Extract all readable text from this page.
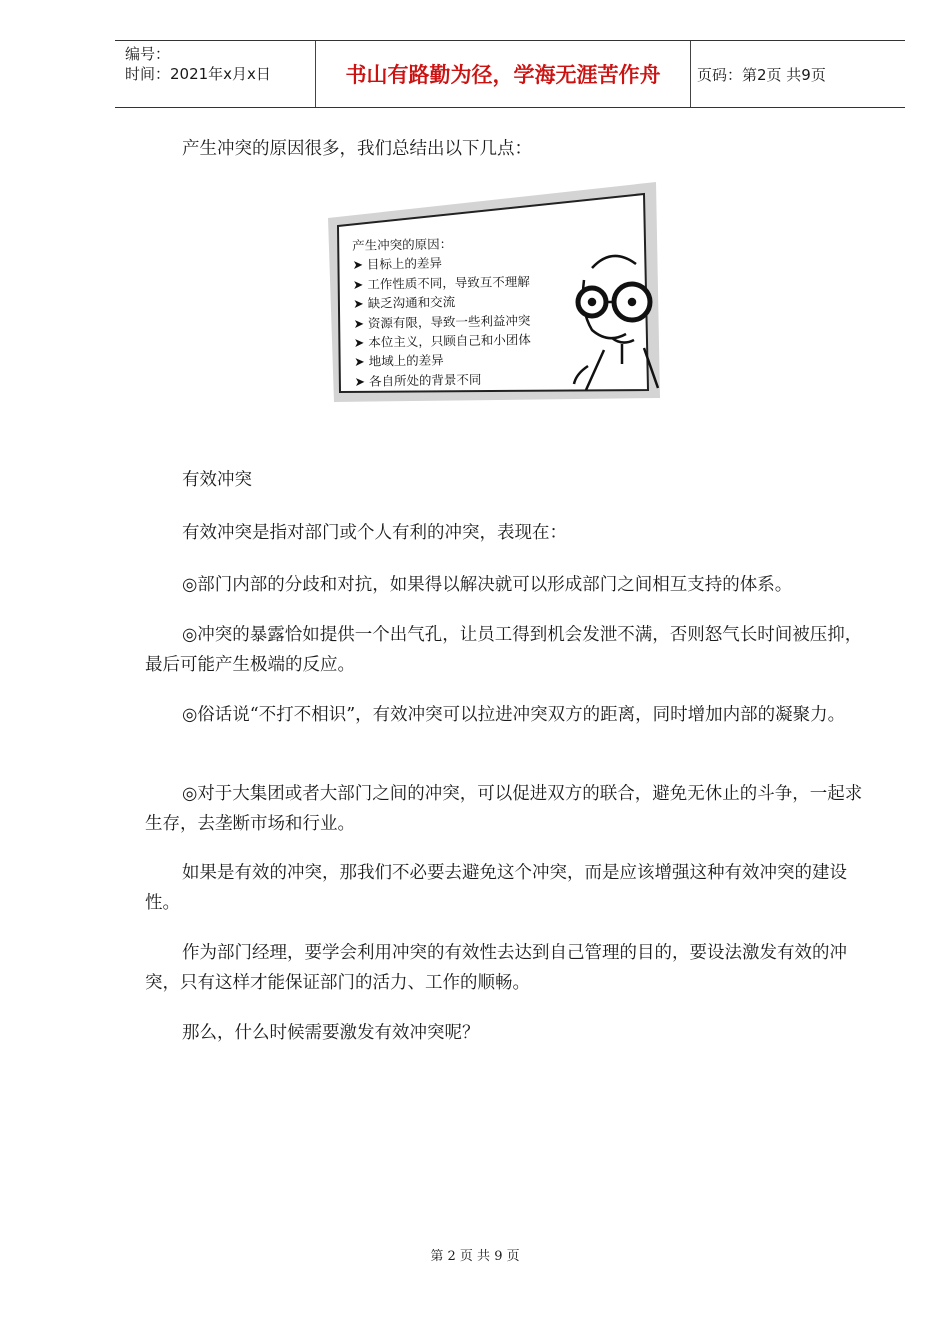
编号：
时间：2021年x月x日	书山有路勤为径，学海无涯苦作舟	页码：第2页 共9页
产生冲突的原因很多，我们总结出以下几点：
产生冲突的原因：
➤ 目标上的差异
➤ 工作性质不同，导致互不理解
➤ 缺乏沟通和交流
➤ 资源有限，导致一些利益冲突
➤ 本位主义，只顾自己和小团体
➤ 地域上的差异
➤ 各自所处的背景不同
有效冲突
有效冲突是指对部门或个人有利的冲突，表现在：
◎部门内部的分歧和对抗，如果得以解决就可以形成部门之间相互支持的体系。
◎冲突的暴露恰如提供一个出气孔，让员工得到机会发泄不满，否则怒气长时间被压抑，最后可能产生极端的反应。
◎俗话说“不打不相识”，有效冲突可以拉进冲突双方的距离，同时增加内部的凝聚力。
◎对于大集团或者大部门之间的冲突，可以促进双方的联合，避免无休止的斗争，一起求生存，去垄断市场和行业。
如果是有效的冲突，那我们不必要去避免这个冲突，而是应该增强这种有效冲突的建设性。
作为部门经理，要学会利用冲突的有效性去达到自己管理的目的，要设法激发有效的冲突，只有这样才能保证部门的活力、工作的顺畅。
那么，什么时候需要激发有效冲突呢？
第 2 页 共 9 页
